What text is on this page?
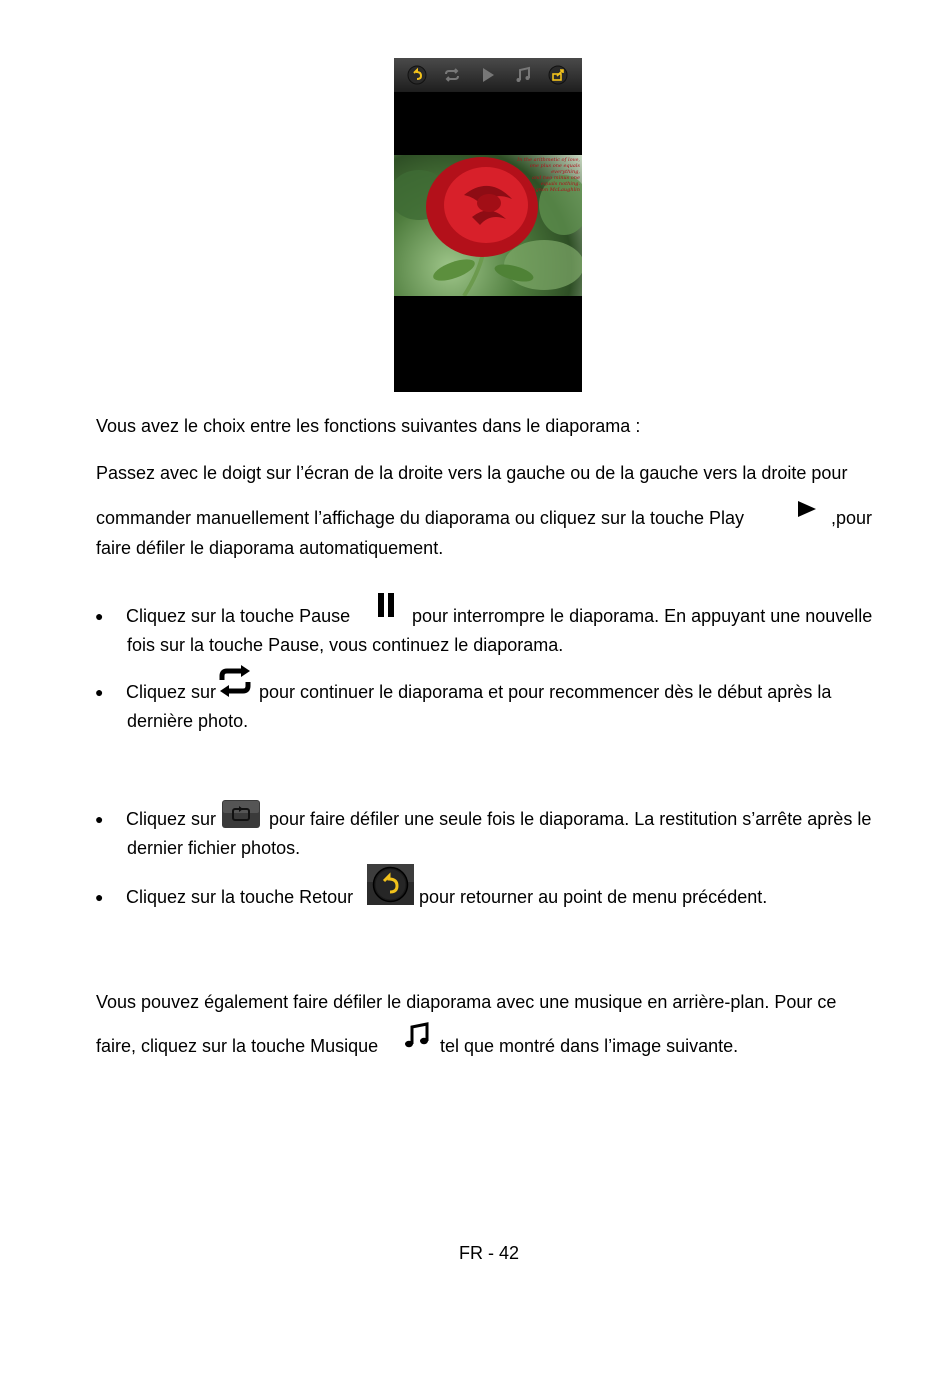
In the arithmetic of love,
one plus one equals everything,
and two minus one equals nothing.
Mignon McLaughlin
Vous avez le choix entre les fonctions suivantes dans le diaporama :
Passez avec le doigt sur l’écran de la droite vers la gauche ou de la gauche vers la droite pour
commander manuellement l’affichage du diaporama ou cliquez sur la touche Play	,pour
faire défiler le diaporama automatiquement.
● Cliquez sur la touche Pause	pour interrompre le diaporama. En appuyant une nouvelle
fois sur la touche Pause, vous continuez le diaporama.
● Cliquez sur pour continuer le diaporama et pour recommencer dès le début après la
dernière photo.
● Cliquez sur	pour faire défiler une seule fois le diaporama. La restitution s’arrête après le
dernier fichier photos.
● Cliquez sur la touche Retour	pour retourner au point de menu précédent.
Vous pouvez également faire défiler le diaporama avec une musique en arrière-plan. Pour ce
faire, cliquez sur la touche Musique	tel que montré dans l’image suivante.
FR - 42
